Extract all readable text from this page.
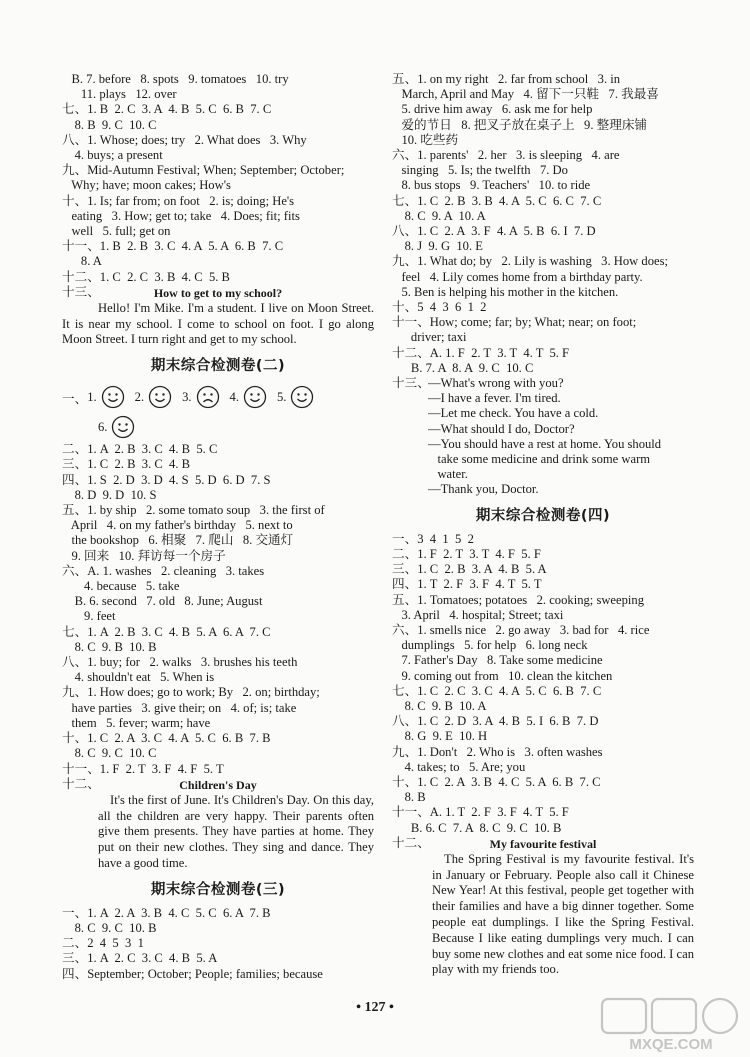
B. 7. before   8. spots   9. tomatoes   10. try
11. plays   12. over
七、1. B  2. C  3. A  4. B  5. C  6. B  7. C
8. B  9. C  10. C
八、1. Whose; does; try   2. What does   3. Why
4. buys; a present
九、Mid-Autumn Festival; When; September; October;
Why; have; moon cakes; How's
十、1. Is; far from; on foot   2. is; doing; He's
eating   3. How; get to; take   4. Does; fit; fits
well   5. full; get on
十一、1. B  2. B  3. C  4. A  5. A  6. B  7. C
8. A
十二、1. C  2. C  3. B  4. C  5. B
十三、	How to get to my school?
Hello! I'm Mike. I'm a student. I live on Moon Street. It is near my school. I come to school on foot. I go along Moon Street. I turn right and get to my school.
期末综合检测卷(二)
一、 1.	2.	3.	4.	5.
6.
二、1. A  2. B  3. C  4. B  5. C
三、1. C  2. B  3. C  4. B
四、1. S  2. D  3. D  4. S  5. D  6. D  7. S
8. D  9. D  10. S
五、1. by ship   2. some tomato soup   3. the first of
April   4. on my father's birthday   5. next to
the bookshop   6. 相聚   7. 爬山   8. 交通灯
9. 回来   10. 拜访每一个房子
六、A. 1. washes   2. cleaning   3. takes
4. because   5. take
B. 6. second   7. old   8. June; August
9. feet
七、1. A  2. B  3. C  4. B  5. A  6. A  7. C
8. C  9. B  10. B
八、1. buy; for   2. walks   3. brushes his teeth
4. shouldn't eat   5. When is
九、1. How does; go to work; By   2. on; birthday;
have parties   3. give their; on   4. of; is; take
them   5. fever; warm; have
十、1. C  2. A  3. C  4. A  5. C  6. B  7. B
8. C  9. C  10. C
十一、1. F  2. T  3. F  4. F  5. T
十二、	Children's Day
It's the first of June. It's Children's Day. On this day, all the children are very happy. Their parents often give them presents. They have parties at home. They put on their new clothes. They sing and dance. They have a good time.
期末综合检测卷(三)
一、1. A  2. A  3. B  4. C  5. C  6. A  7. B
8. C  9. C  10. B
二、2  4  5  3  1
三、1. A  2. C  3. C  4. B  5. A
四、September; October; People; families; because
五、1. on my right   2. far from school   3. in
March, April and May   4. 留下一只鞋   7. 我最喜
5. drive him away   6. ask me for help
爱的节日   8. 把叉子放在桌子上   9. 整理床铺
10. 吃些药
六、1. parents'   2. her   3. is sleeping   4. are
singing   5. Is; the twelfth   7. Do
8. bus stops   9. Teachers'   10. to ride
七、1. C  2. B  3. B  4. A  5. C  6. C  7. C
8. C  9. A  10. A
八、1. C  2. A  3. F  4. A  5. B  6. I  7. D
8. J  9. G  10. E
九、1. What do; by   2. Lily is washing   3. How does;
feel   4. Lily comes home from a birthday party.
5. Ben is helping his mother in the kitchen.
十、5  4  3  6  1  2
十一、How; come; far; by; What; near; on foot;
driver; taxi
十二、A. 1. F  2. T  3. T  4. T  5. F
B. 7. A  8. A  9. C  10. C
十三、
—What's wrong with you?
—I have a fever. I'm tired.
—Let me check. You have a cold.
—What should I do, Doctor?
—You should have a rest at home. You should
take some medicine and drink some warm
water.
—Thank you, Doctor.
期末综合检测卷(四)
一、3  4  1  5  2
二、1. F  2. T  3. T  4. F  5. F
三、1. C  2. B  3. A  4. B  5. A
四、1. T  2. F  3. F  4. T  5. T
五、1. Tomatoes; potatoes   2. cooking; sweeping
3. April   4. hospital; Street; taxi
六、1. smells nice   2. go away   3. bad for   4. rice
dumplings   5. for help   6. long neck
7. Father's Day   8. Take some medicine
9. coming out from   10. clean the kitchen
七、1. C  2. C  3. C  4. A  5. C  6. B  7. C
8. C  9. B  10. A
八、1. C  2. D  3. A  4. B  5. I  6. B  7. D
8. G  9. E  10. H
九、1. Don't   2. Who is   3. often washes
4. takes; to   5. Are; you
十、1. C  2. A  3. B  4. C  5. A  6. B  7. C
8. B
十一、A. 1. T  2. F  3. F  4. T  5. F
B. 6. C  7. A  8. C  9. C  10. B
十二、	My favourite festival
The Spring Festival is my favourite festival. It's in January or February. People also call it Chinese New Year! At this festival, people get together with their families and have a big dinner together. Some people eat dumplings. I like the Spring Festival. Because I like eating dumplings very much. I can buy some new clothes and eat some nice food. I can play with my friends too.
• 127 •
MXQE.COM
